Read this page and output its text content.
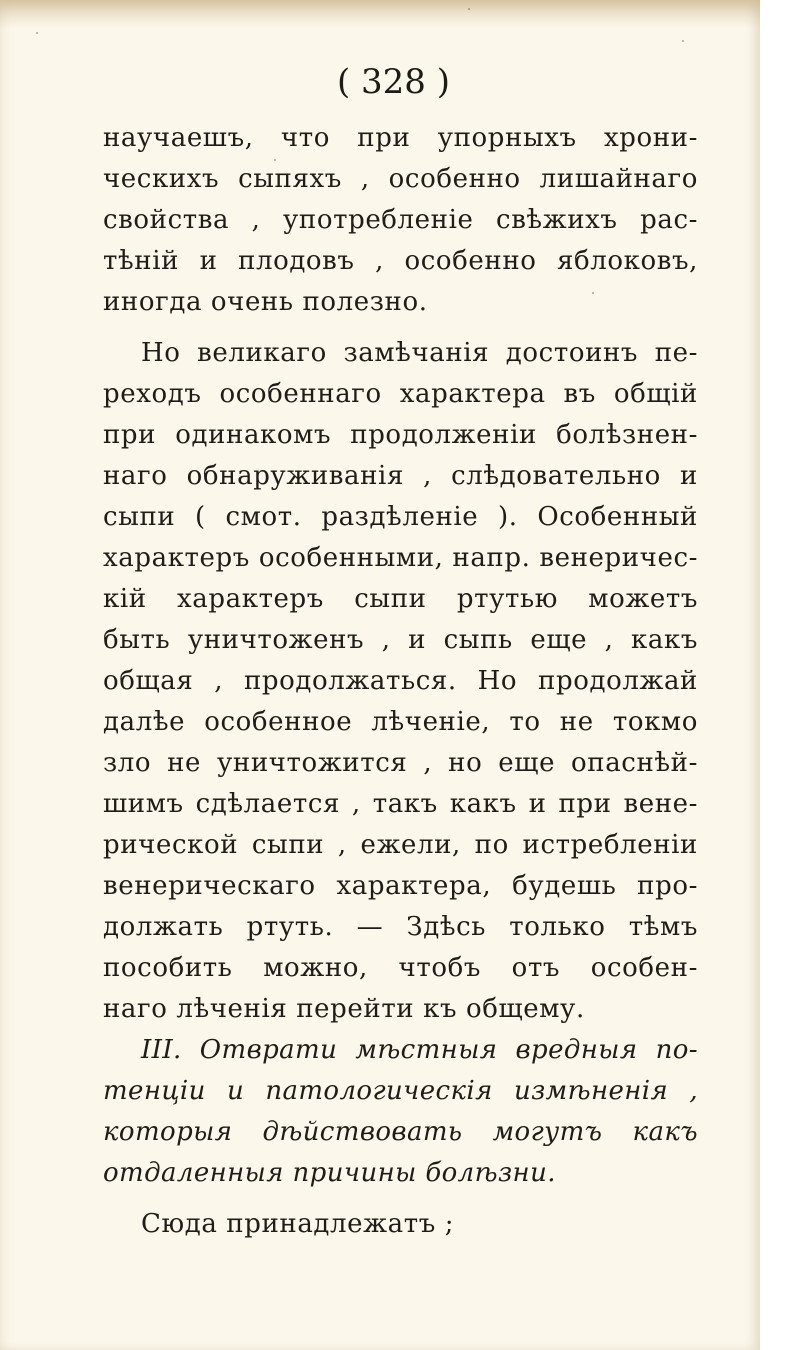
( 328 )
научаешъ, что при упорныхъ хрони-
ческихъ сыпяхъ , особенно лишайнаго
свойства , употребленіе свѣжихъ рас-
тѣній и плодовъ , особенно яблоковъ,
иногда очень полезно.
Но великаго замѣчанія достоинъ пе-
реходъ особеннаго характера въ общій
при одинакомъ продолженіи болѣзнен-
наго обнаруживанія , слѣдовательно и
сыпи ( смот. раздѣленіе ). Особенный
характеръ особенными, напр. венеричес-
кій характеръ сыпи ртутью можетъ
быть уничтоженъ , и сыпь еще , какъ
общая , продолжаться. Но продолжай
далѣе особенное лѣченіе, то не токмо
зло не уничтожится , но еще опаснѣй-
шимъ сдѣлается , такъ какъ и при вене-
рической сыпи , ежели, по истребленіи
венерическаго характера, будешь про-
должать ртуть. — Здѣсь только тѣмъ
пособить можно, чтобъ отъ особен-
наго лѣченія перейти къ общему.
III. Отврати мѣстныя вредныя по-
тенціи и патологическія измѣненія ,
которыя дѣйствовать могутъ какъ
отдаленныя причины болѣзни.
Сюда принадлежатъ ;
